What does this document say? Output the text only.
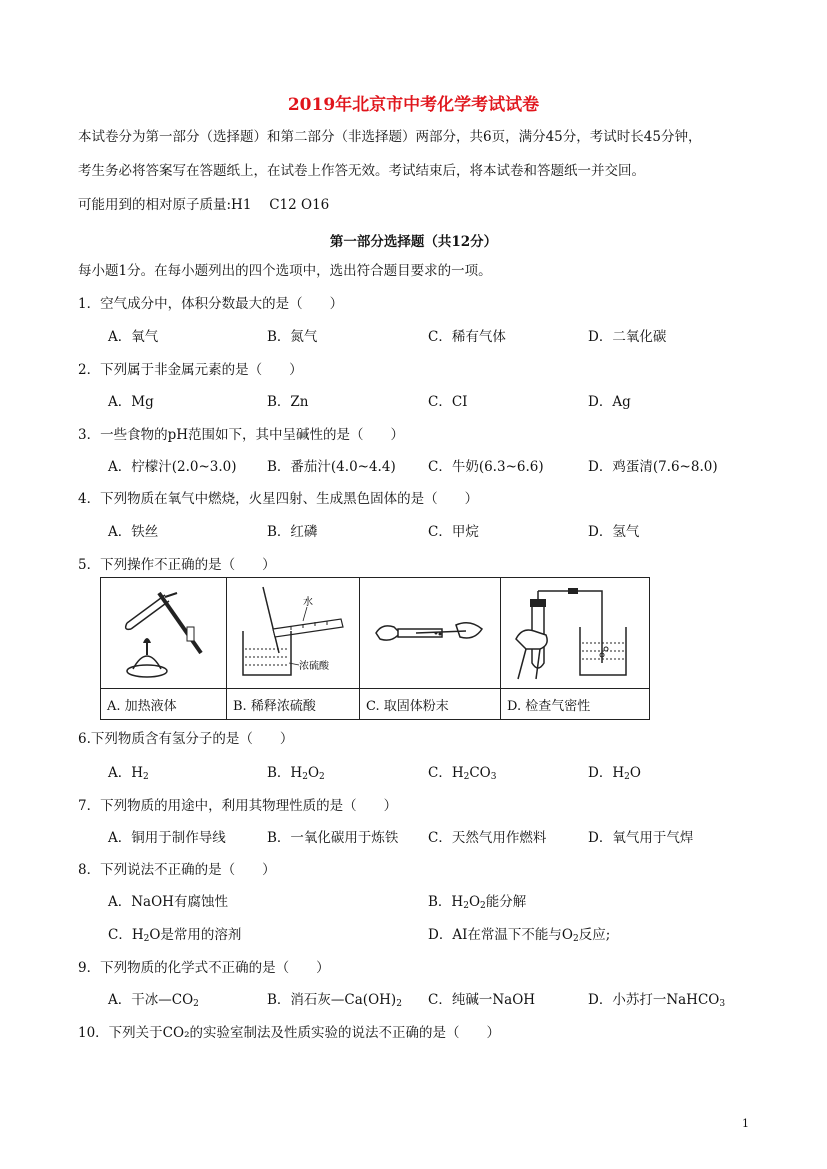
2019年北京市中考化学考试试卷
本试卷分为第一部分（选择题）和第二部分（非选择题）两部分，共6页，满分45分，考试时长45分钟，
考生务必将答案写在答题纸上，在试卷上作答无效。考试结束后，将本试卷和答题纸一并交回。
可能用到的相对原子质量:H1　 C12 O16
第一部分选择题（共12分）
每小题1分。在每小题列出的四个选项中，选出符合题目要求的一项。
1．空气成分中，体积分数最大的是（　　）
A．氧气	B．氮气	C．稀有气体	D．二氧化碳
2．下列属于非金属元素的是（　　）
A．Mg	B．Zn	C．CI	D．Ag
3．一些食物的pH范围如下，其中呈碱性的是（　　）
A．柠檬汁(2.0~3.0) B．番茄汁(4.0~4.4) C．牛奶(6.3~6.6)	D．鸡蛋清(7.6~8.0)
4．下列物质在氧气中燃烧，火星四射、生成黑色固体的是（　　）
A．铁丝	B．红磷	C．甲烷	D．氢气
5．下列操作不正确的是（　　）

水
浓硫酸

A. 加热液体	B. 稀释浓硫酸	C. 取固体粉末	D. 检查气密性
6.下列物质含有氢分子的是（　　）
A．$H_2$	B．$H_2O_2$	C．$H_2CO_3$	D．$H_2O$
7．下列物质的用途中，利用其物理性质的是（　　）
A．铜用于制作导线	B．一氧化碳用于炼铁 C．天然气用作燃料	D．氧气用于气焊
8．下列说法不正确的是（　　）
A．NaOH有腐蚀性	B．$H_2O_2$能分解
C．$H_2O$是常用的溶剂	D．AI在常温下不能与$O_2$反应;
9．下列物质的化学式不正确的是（　　）
A．干冰$—CO_2$	B．消石灰$—Ca(OH)_2$ C．纯碱一NaOH	D．小苏打一NaHCO$_3$
10．下列关于CO₂的实验室制法及性质实验的说法不正确的是（　　）
1
